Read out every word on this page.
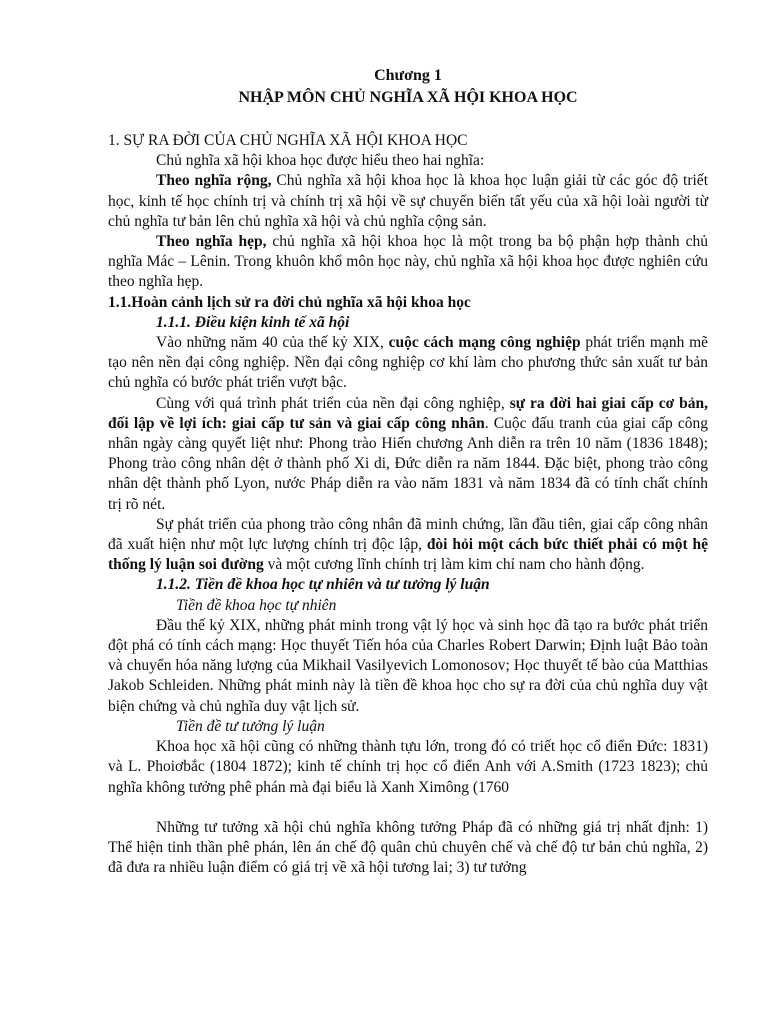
Chương 1
NHẬP MÔN CHỦ NGHĨA XÃ HỘI KHOA HỌC

1. SỰ RA ĐỜI CỦA CHỦ NGHĨA XÃ HỘI KHOA HỌC

Chủ nghĩa xã hội khoa học được hiểu theo hai nghĩa:

Theo nghĩa rộng, Chủ nghĩa xã hội khoa học là khoa học luận giải từ các góc độ triết học, kinh tế học chính trị và chính trị xã hội về sự chuyển biến tất yếu của xã hội loài người từ chủ nghĩa tư bản lên chủ nghĩa xã hội và chủ nghĩa cộng sản.

Theo nghĩa hẹp, chủ nghĩa xã hội khoa học là một trong ba bộ phận hợp thành chủ nghĩa Mác – Lênin. Trong khuôn khổ môn học này, chủ nghĩa xã hội khoa học được nghiên cứu theo nghĩa hẹp.

1.1.Hoàn cảnh lịch sử ra đời chủ nghĩa xã hội khoa học

1.1.1. Điều kiện kinh tế xã hội

Vào những năm 40 của thế kỷ XIX, cuộc cách mạng công nghiệp phát triển mạnh mẽ tạo nên nền đại công nghiệp. Nền đại công nghiệp cơ khí làm cho phương thức sản xuất tư bản chủ nghĩa có bước phát triển vượt bậc.

Cùng với quá trình phát triển của nền đại công nghiệp, sự ra đời hai giai cấp cơ bản, đối lập về lợi ích: giai cấp tư sản và giai cấp công nhân. Cuộc đấu tranh của giai cấp công nhân ngày càng quyết liệt như: Phong trào Hiến chương Anh diễn ra trên 10 năm (1836 1848); Phong trào công nhân dệt ở thành phố Xi di, Đức diễn ra năm 1844. Đặc biệt, phong trào công nhân dệt thành phố Lyon, nước Pháp diễn ra vào năm 1831 và năm 1834 đã có tính chất chính trị rõ nét.

Sự phát triển của phong trào công nhân đã minh chứng, lần đầu tiên, giai cấp công nhân đã xuất hiện như một lực lượng chính trị độc lập, đòi hỏi một cách bức thiết phải có một hệ thống lý luận soi đường và một cương lĩnh chính trị làm kim chỉ nam cho hành động.

1.1.2. Tiền đề khoa học tự nhiên và tư tưởng lý luận

Tiền đề khoa học tự nhiên

Đầu thế kỷ XIX, những phát minh trong vật lý học và sinh học đã tạo ra bước phát triển đột phá có tính cách mạng: Học thuyết Tiến hóa của Charles Robert Darwin; Định luật Bảo toàn và chuyển hóa năng lượng của Mikhail Vasilyevich Lomonosov; Học thuyết tế bào của Matthias Jakob Schleiden. Những phát minh này là tiền đề khoa học cho sự ra đời của chủ nghĩa duy vật biện chứng và chủ nghĩa duy vật lịch sử.

Tiền đề tư tưởng lý luận

Khoa học xã hội cũng có những thành tựu lớn, trong đó có triết học cổ điển Đức: 1831) và L. Phoiơbắc (1804 1872); kinh tế chính trị học cổ điển Anh với A.Smith (1723 1823); chủ nghĩa không tưởng phê phán mà đại biểu là Xanh Ximông (1760

Những tư tưởng xã hội chủ nghĩa không tưởng Pháp đã có những giá trị nhất định: 1) Thể hiện tinh thần phê phán, lên án chế độ quân chủ chuyên chế và chế độ tư bản chủ nghĩa, 2) đã đưa ra nhiều luận điểm có giá trị về xã hội tương lai; 3) tư tưởng
